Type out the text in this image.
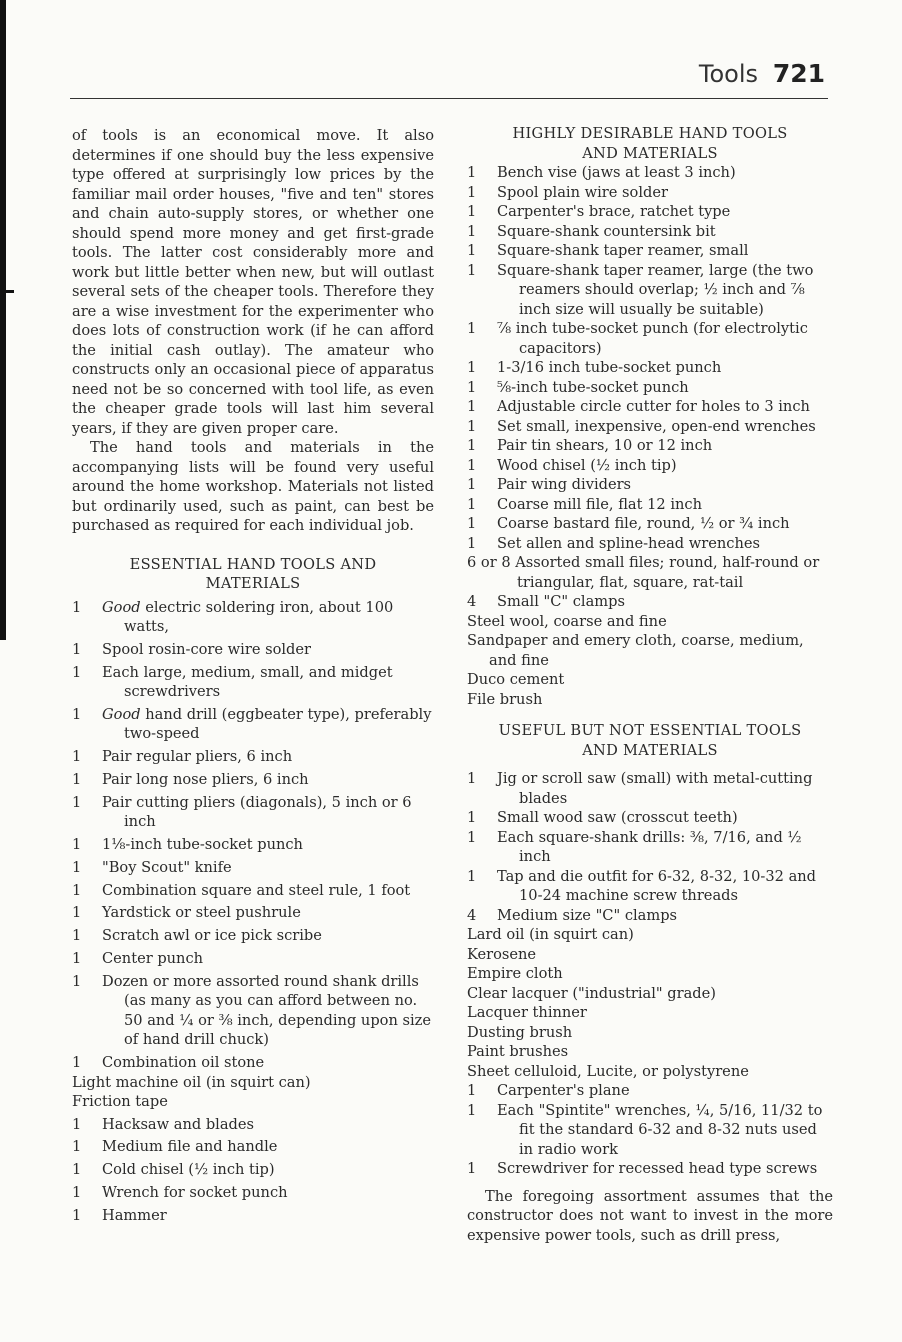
Tools 721

of tools is an economical move. It also determines if one should buy the less expensive type offered at surprisingly low prices by the familiar mail order houses, "five and ten" stores and chain auto-supply stores, or whether one should spend more money and get first-grade tools. The latter cost considerably more and work but little better when new, but will outlast several sets of the cheaper tools. Therefore they are a wise investment for the experimenter who does lots of construction work (if he can afford the initial cash outlay). The amateur who constructs only an occasional piece of apparatus need not be so concerned with tool life, as even the cheaper grade tools will last him several years, if they are given proper care.

The hand tools and materials in the accompanying lists will be found very useful around the home workshop. Materials not listed but ordinarily used, such as paint, can best be purchased as required for each individual job.

ESSENTIAL HAND TOOLS AND
MATERIALS
1	Good electric soldering iron, about 100 watts,
1	Spool rosin-core wire solder
1	Each large, medium, small, and midget screwdrivers
1	Good hand drill (eggbeater type), preferably two-speed
1	Pair regular pliers, 6 inch
1	Pair long nose pliers, 6 inch
1	Pair cutting pliers (diagonals), 5 inch or 6 inch
1	1⅛-inch tube-socket punch
1	"Boy Scout" knife
1	Combination square and steel rule, 1 foot
1	Yardstick or steel pushrule
1	Scratch awl or ice pick scribe
1	Center punch
1	Dozen or more assorted round shank drills (as many as you can afford between no. 50 and ¼ or ⅜ inch, depending upon size of hand drill chuck)
1	Combination oil stone
Light machine oil (in squirt can)
Friction tape
1	Hacksaw and blades
1	Medium file and handle
1	Cold chisel (½ inch tip)
1	Wrench for socket punch
1	Hammer
HIGHLY DESIRABLE HAND TOOLS
AND MATERIALS
1	Bench vise (jaws at least 3 inch)
1	Spool plain wire solder
1	Carpenter's brace, ratchet type
1	Square-shank countersink bit
1	Square-shank taper reamer, small
1	Square-shank taper reamer, large (the two reamers should overlap; ½ inch and ⅞ inch size will usually be suitable)
1	⅞ inch tube-socket punch (for electrolytic capacitors)
1	1-3/16 inch tube-socket punch
1	⅝-inch tube-socket punch
1	Adjustable circle cutter for holes to 3 inch
1	Set small, inexpensive, open-end wrenches
1	Pair tin shears, 10 or 12 inch
1	Wood chisel (½ inch tip)
1	Pair wing dividers
1	Coarse mill file, flat 12 inch
1	Coarse bastard file, round, ½ or ¾ inch
1	Set allen and spline-head wrenches
6 or 8 Assorted small files; round, half-round or triangular, flat, square, rat-tail
4	Small "C" clamps
Steel wool, coarse and fine
Sandpaper and emery cloth, coarse, medium, and fine
Duco cement
File brush
USEFUL BUT NOT ESSENTIAL TOOLS
AND MATERIALS
1	Jig or scroll saw (small) with metal-cutting blades
1	Small wood saw (crosscut teeth)
1	Each square-shank drills: ⅜, 7/16, and ½ inch
1	Tap and die outfit for 6-32, 8-32, 10-32 and 10-24 machine screw threads
4	Medium size "C" clamps
Lard oil (in squirt can)
Kerosene
Empire cloth
Clear lacquer ("industrial" grade)
Lacquer thinner
Dusting brush
Paint brushes
Sheet celluloid, Lucite, or polystyrene
1	Carpenter's plane
1	Each "Spintite" wrenches, ¼, 5/16, 11/32 to fit the standard 6-32 and 8-32 nuts used in radio work
1	Screwdriver for recessed head type screws

The foregoing assortment assumes that the constructor does not want to invest in the more expensive power tools, such as drill press,
